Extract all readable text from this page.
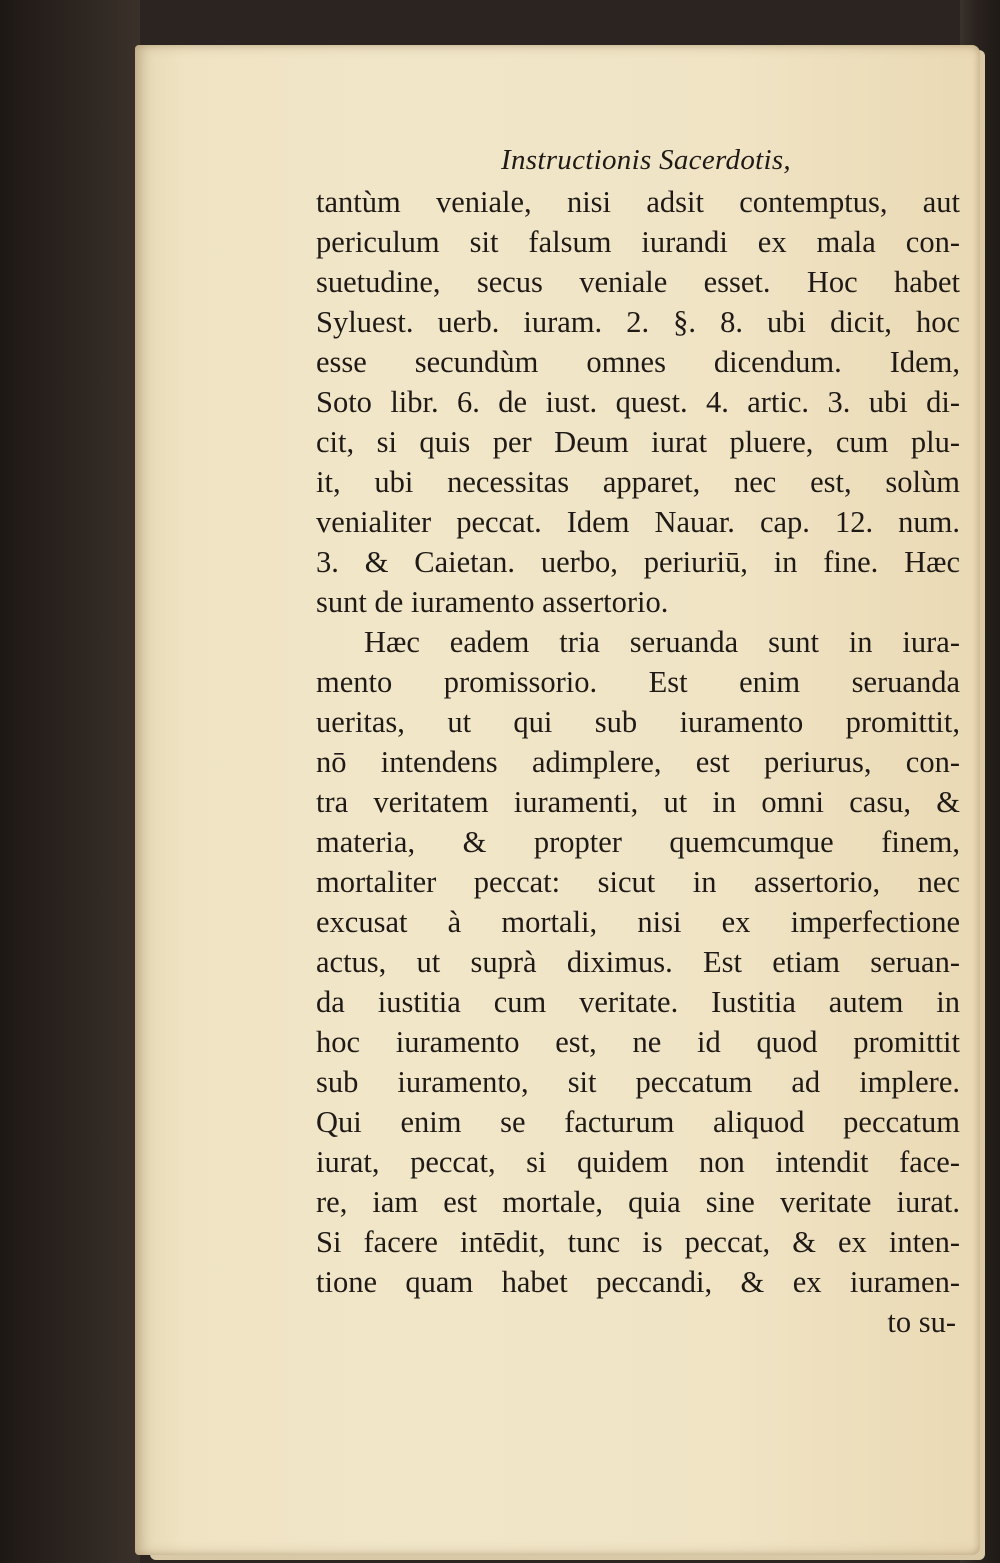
Instructionis Sacerdotis,
tantùm veniale, nisi adsit contemptus, aut
periculum sit falsum iurandi ex mala con-
suetudine, secus veniale esset. Hoc habet
Syluest. uerb. iuram. 2. §. 8. ubi dicit, hoc
esse secundùm omnes dicendum. Idem,
Soto libr. 6. de iust. quest. 4. artic. 3. ubi di-
cit, si quis per Deum iurat pluere, cum plu-
it, ubi necessitas apparet, nec est, solùm
venialiter peccat. Idem Nauar. cap. 12. num.
3. & Caietan. uerbo, periuriū, in fine. Hæc
sunt de iuramento assertorio.
Hæc eadem tria seruanda sunt in iura-
mento promissorio. Est enim seruanda
ueritas, ut qui sub iuramento promittit,
nō intendens adimplere, est periurus, con-
tra veritatem iuramenti, ut in omni casu, &
materia, & propter quemcumque finem,
mortaliter peccat: sicut in assertorio, nec
excusat à mortali, nisi ex imperfectione
actus, ut suprà diximus. Est etiam seruan-
da iustitia cum veritate. Iustitia autem in
hoc iuramento est, ne id quod promittit
sub iuramento, sit peccatum ad implere.
Qui enim se facturum aliquod peccatum
iurat, peccat, si quidem non intendit face-
re, iam est mortale, quia sine veritate iurat.
Si facere intēdit, tunc is peccat, & ex inten-
tione quam habet peccandi, & ex iuramen-
to su-
